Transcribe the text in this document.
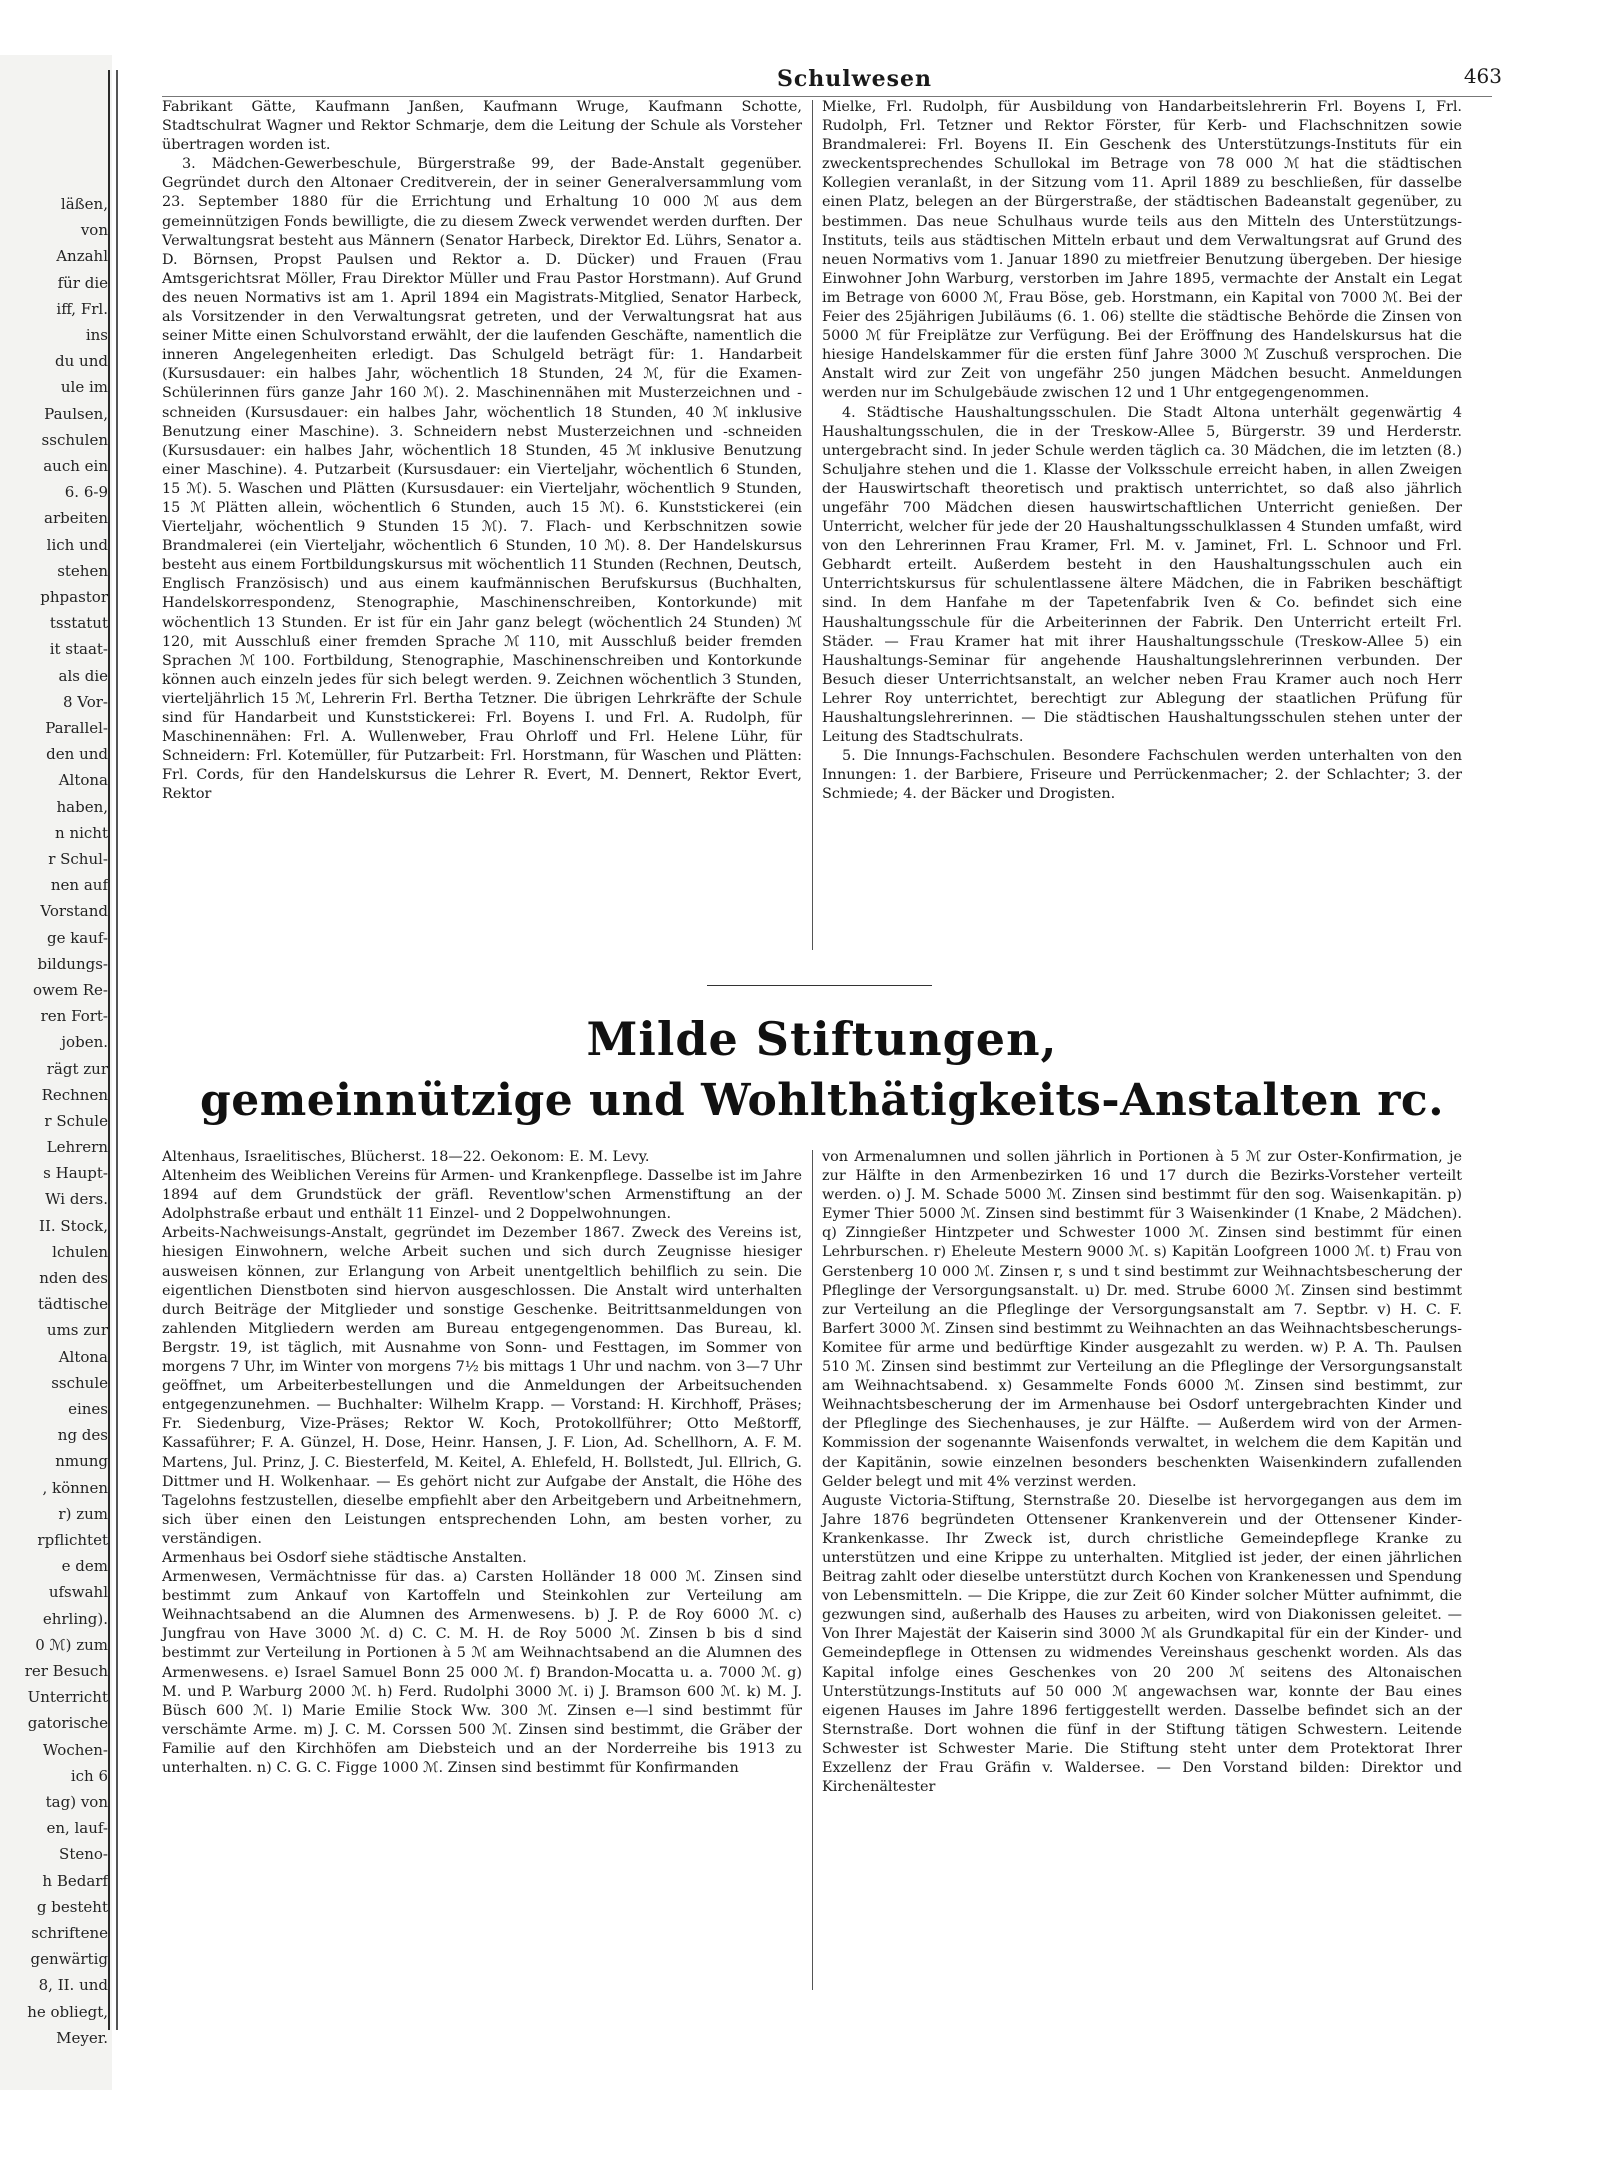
läßen,
von
Anzahl
für die
iff, Frl.
ins
du und
ule im
Paulsen,
sschulen
auch ein
6. 6-9
arbeiten
lich und
stehen
phpastor
tsstatut
it staat-
als die
8 Vor-
Parallel-
den und
Altona
haben,
n nicht
r Schul-
nen auf
Vorstand
ge kauf-
bildungs-
owem Re-
ren Fort-
joben.
rägt zur
Rechnen
r Schule
Lehrern
s Haupt-
Wi ders.
II. Stock,
lchulen
nden des
tädtische
ums zur
Altona
sschule
eines
ng des
nmung
, können
r) zum
rpflichtet
e dem
ufswahl
ehrling).
0 ℳ) zum
rer Besuch
Unterricht
gatorische
Wochen-
ich 6
tag) von
en, lauf-
Steno-
h Bedarf
g besteht
schriftene
genwärtig
8, II. und
he obliegt,
Meyer.
Schulwesen	463

Fabrikant Gätte, Kaufmann Janßen, Kaufmann Wruge, Kaufmann Schotte, Stadtschulrat Wagner und Rektor Schmarje, dem die Leitung der Schule als Vorsteher übertragen worden ist.

3. Mädchen-Gewerbeschule, Bürgerstraße 99, der Bade-Anstalt gegenüber. Gegründet durch den Altonaer Creditverein, der in seiner Generalversammlung vom 23. September 1880 für die Errichtung und Erhaltung 10 000 ℳ aus dem gemeinnützigen Fonds bewilligte, die zu diesem Zweck verwendet werden durften. Der Verwaltungsrat besteht aus Männern (Senator Harbeck, Direktor Ed. Lührs, Senator a. D. Börnsen, Propst Paulsen und Rektor a. D. Dücker) und Frauen (Frau Amtsgerichtsrat Möller, Frau Direktor Müller und Frau Pastor Horstmann). Auf Grund des neuen Normativs ist am 1. April 1894 ein Magistrats-Mitglied, Senator Harbeck, als Vorsitzender in den Verwaltungsrat getreten, und der Verwaltungsrat hat aus seiner Mitte einen Schulvorstand erwählt, der die laufenden Geschäfte, namentlich die inneren Angelegenheiten erledigt. Das Schulgeld beträgt für: 1. Handarbeit (Kursusdauer: ein halbes Jahr, wöchentlich 18 Stunden, 24 ℳ, für die Examen-Schülerinnen fürs ganze Jahr 160 ℳ). 2. Maschinennähen mit Musterzeichnen und -schneiden (Kursusdauer: ein halbes Jahr, wöchentlich 18 Stunden, 40 ℳ inklusive Benutzung einer Maschine). 3. Schneidern nebst Musterzeichnen und -schneiden (Kursusdauer: ein halbes Jahr, wöchentlich 18 Stunden, 45 ℳ inklusive Benutzung einer Maschine). 4. Putzarbeit (Kursusdauer: ein Vierteljahr, wöchentlich 6 Stunden, 15 ℳ). 5. Waschen und Plätten (Kursusdauer: ein Vierteljahr, wöchentlich 9 Stunden, 15 ℳ Plätten allein, wöchentlich 6 Stunden, auch 15 ℳ). 6. Kunststickerei (ein Vierteljahr, wöchentlich 9 Stunden 15 ℳ). 7. Flach- und Kerbschnitzen sowie Brandmalerei (ein Vierteljahr, wöchentlich 6 Stunden, 10 ℳ). 8. Der Handelskursus besteht aus einem Fortbildungskursus mit wöchentlich 11 Stunden (Rechnen, Deutsch, Englisch Französisch) und aus einem kaufmännischen Berufskursus (Buchhalten, Handelskorrespondenz, Stenographie, Maschinenschreiben, Kontorkunde) mit wöchentlich 13 Stunden. Er ist für ein Jahr ganz belegt (wöchentlich 24 Stunden) ℳ 120, mit Ausschluß einer fremden Sprache ℳ 110, mit Ausschluß beider fremden Sprachen ℳ 100. Fortbildung, Stenographie, Maschinenschreiben und Kontorkunde können auch einzeln jedes für sich belegt werden. 9. Zeichnen wöchentlich 3 Stunden, vierteljährlich 15 ℳ, Lehrerin Frl. Bertha Tetzner. Die übrigen Lehrkräfte der Schule sind für Handarbeit und Kunststickerei: Frl. Boyens I. und Frl. A. Rudolph, für Maschinennähen: Frl. A. Wullenweber, Frau Ohrloff und Frl. Helene Lühr, für Schneidern: Frl. Kotemüller, für Putzarbeit: Frl. Horstmann, für Waschen und Plätten: Frl. Cords, für den Handelskursus die Lehrer R. Evert, M. Dennert, Rektor Evert, Rektor

Mielke, Frl. Rudolph, für Ausbildung von Handarbeitslehrerin Frl. Boyens I, Frl. Rudolph, Frl. Tetzner und Rektor Förster, für Kerb- und Flachschnitzen sowie Brandmalerei: Frl. Boyens II. Ein Geschenk des Unterstützungs-Instituts für ein zweckentsprechendes Schullokal im Betrage von 78 000 ℳ hat die städtischen Kollegien veranlaßt, in der Sitzung vom 11. April 1889 zu beschließen, für dasselbe einen Platz, belegen an der Bürgerstraße, der städtischen Badeanstalt gegenüber, zu bestimmen. Das neue Schulhaus wurde teils aus den Mitteln des Unterstützungs-Instituts, teils aus städtischen Mitteln erbaut und dem Verwaltungsrat auf Grund des neuen Normativs vom 1. Januar 1890 zu mietfreier Benutzung übergeben. Der hiesige Einwohner John Warburg, verstorben im Jahre 1895, vermachte der Anstalt ein Legat im Betrage von 6000 ℳ, Frau Böse, geb. Horstmann, ein Kapital von 7000 ℳ. Bei der Feier des 25jährigen Jubiläums (6. 1. 06) stellte die städtische Behörde die Zinsen von 5000 ℳ für Freiplätze zur Verfügung. Bei der Eröffnung des Handelskursus hat die hiesige Handelskammer für die ersten fünf Jahre 3000 ℳ Zuschuß versprochen. Die Anstalt wird zur Zeit von ungefähr 250 jungen Mädchen besucht. Anmeldungen werden nur im Schulgebäude zwischen 12 und 1 Uhr entgegengenommen.

4. Städtische Haushaltungsschulen. Die Stadt Altona unterhält gegenwärtig 4 Haushaltungsschulen, die in der Treskow-Allee 5, Bürgerstr. 39 und Herderstr. untergebracht sind. In jeder Schule werden täglich ca. 30 Mädchen, die im letzten (8.) Schuljahre stehen und die 1. Klasse der Volksschule erreicht haben, in allen Zweigen der Hauswirtschaft theoretisch und praktisch unterrichtet, so daß also jährlich ungefähr 700 Mädchen diesen hauswirtschaftlichen Unterricht genießen. Der Unterricht, welcher für jede der 20 Haushaltungsschulklassen 4 Stunden umfaßt, wird von den Lehrerinnen Frau Kramer, Frl. M. v. Jaminet, Frl. L. Schnoor und Frl. Gebhardt erteilt. Außerdem besteht in den Haushaltungsschulen auch ein Unterrichtskursus für schulentlassene ältere Mädchen, die in Fabriken beschäftigt sind. In dem Hanfahe m der Tapetenfabrik Iven & Co. befindet sich eine Haushaltungsschule für die Arbeiterinnen der Fabrik. Den Unterricht erteilt Frl. Städer. — Frau Kramer hat mit ihrer Haushaltungsschule (Treskow-Allee 5) ein Haushaltungs-Seminar für angehende Haushaltungslehrerinnen verbunden. Der Besuch dieser Unterrichtsanstalt, an welcher neben Frau Kramer auch noch Herr Lehrer Roy unterrichtet, berechtigt zur Ablegung der staatlichen Prüfung für Haushaltungslehrerinnen. — Die städtischen Haushaltungsschulen stehen unter der Leitung des Stadtschulrats.

5. Die Innungs-Fachschulen. Besondere Fachschulen werden unterhalten von den Innungen: 1. der Barbiere, Friseure und Perrückenmacher; 2. der Schlachter; 3. der Schmiede; 4. der Bäcker und Drogisten.

Milde Stiftungen,
gemeinnützige und Wohlthätigkeits-Anstalten rc.

Altenhaus, Israelitisches, Blücherst. 18—22. Oekonom: E. M. Levy.

Altenheim des Weiblichen Vereins für Armen- und Krankenpflege. Dasselbe ist im Jahre 1894 auf dem Grundstück der gräfl. Reventlow'schen Armenstiftung an der Adolphstraße erbaut und enthält 11 Einzel- und 2 Doppelwohnungen.

Arbeits-Nachweisungs-Anstalt, gegründet im Dezember 1867. Zweck des Vereins ist, hiesigen Einwohnern, welche Arbeit suchen und sich durch Zeugnisse hiesiger ausweisen können, zur Erlangung von Arbeit unentgeltlich behilflich zu sein. Die eigentlichen Dienstboten sind hiervon ausgeschlossen. Die Anstalt wird unterhalten durch Beiträge der Mitglieder und sonstige Geschenke. Beitrittsanmeldungen von zahlenden Mitgliedern werden am Bureau entgegengenommen. Das Bureau, kl. Bergstr. 19, ist täglich, mit Ausnahme von Sonn- und Festtagen, im Sommer von morgens 7 Uhr, im Winter von morgens 7½ bis mittags 1 Uhr und nachm. von 3—7 Uhr geöffnet, um Arbeiterbestellungen und die Anmeldungen der Arbeitsuchenden entgegenzunehmen. — Buchhalter: Wilhelm Krapp. — Vorstand: H. Kirchhoff, Präses; Fr. Siedenburg, Vize-Präses; Rektor W. Koch, Protokollführer; Otto Meßtorff, Kassaführer; F. A. Günzel, H. Dose, Heinr. Hansen, J. F. Lion, Ad. Schellhorn, A. F. M. Martens, Jul. Prinz, J. C. Biesterfeld, M. Keitel, A. Ehlefeld, H. Bollstedt, Jul. Ellrich, G. Dittmer und H. Wolkenhaar. — Es gehört nicht zur Aufgabe der Anstalt, die Höhe des Tagelohns festzustellen, dieselbe empfiehlt aber den Arbeitgebern und Arbeitnehmern, sich über einen den Leistungen entsprechenden Lohn, am besten vorher, zu verständigen.

Armenhaus bei Osdorf siehe städtische Anstalten.

Armenwesen, Vermächtnisse für das. a) Carsten Holländer 18 000 ℳ. Zinsen sind bestimmt zum Ankauf von Kartoffeln und Steinkohlen zur Verteilung am Weihnachtsabend an die Alumnen des Armenwesens. b) J. P. de Roy 6000 ℳ. c) Jungfrau von Have 3000 ℳ. d) C. C. M. H. de Roy 5000 ℳ. Zinsen b bis d sind bestimmt zur Verteilung in Portionen à 5 ℳ am Weihnachtsabend an die Alumnen des Armenwesens. e) Israel Samuel Bonn 25 000 ℳ. f) Brandon-Mocatta u. a. 7000 ℳ. g) M. und P. Warburg 2000 ℳ. h) Ferd. Rudolphi 3000 ℳ. i) J. Bramson 600 ℳ. k) M. J. Büsch 600 ℳ. l) Marie Emilie Stock Ww. 300 ℳ. Zinsen e—l sind bestimmt für verschämte Arme. m) J. C. M. Corssen 500 ℳ. Zinsen sind bestimmt, die Gräber der Familie auf den Kirchhöfen am Diebsteich und an der Norderreihe bis 1913 zu unterhalten. n) C. G. C. Figge 1000 ℳ. Zinsen sind bestimmt für Konfirmanden

von Armenalumnen und sollen jährlich in Portionen à 5 ℳ zur Oster-Konfirmation, je zur Hälfte in den Armenbezirken 16 und 17 durch die Bezirks-Vorsteher verteilt werden. o) J. M. Schade 5000 ℳ. Zinsen sind bestimmt für den sog. Waisenkapitän. p) Eymer Thier 5000 ℳ. Zinsen sind bestimmt für 3 Waisenkinder (1 Knabe, 2 Mädchen). q) Zinngießer Hintzpeter und Schwester 1000 ℳ. Zinsen sind bestimmt für einen Lehrburschen. r) Eheleute Mestern 9000 ℳ. s) Kapitän Loofgreen 1000 ℳ. t) Frau von Gerstenberg 10 000 ℳ. Zinsen r, s und t sind bestimmt zur Weihnachtsbescherung der Pfleglinge der Versorgungsanstalt. u) Dr. med. Strube 6000 ℳ. Zinsen sind bestimmt zur Verteilung an die Pfleglinge der Versorgungsanstalt am 7. Septbr. v) H. C. F. Barfert 3000 ℳ. Zinsen sind bestimmt zu Weihnachten an das Weihnachtsbescherungs-Komitee für arme und bedürftige Kinder ausgezahlt zu werden. w) P. A. Th. Paulsen 510 ℳ. Zinsen sind bestimmt zur Verteilung an die Pfleglinge der Versorgungsanstalt am Weihnachtsabend. x) Gesammelte Fonds 6000 ℳ. Zinsen sind bestimmt, zur Weihnachtsbescherung der im Armenhause bei Osdorf untergebrachten Kinder und der Pfleglinge des Siechenhauses, je zur Hälfte. — Außerdem wird von der Armen-Kommission der sogenannte Waisenfonds verwaltet, in welchem die dem Kapitän und der Kapitänin, sowie einzelnen besonders beschenkten Waisenkindern zufallenden Gelder belegt und mit 4% verzinst werden.

Auguste Victoria-Stiftung, Sternstraße 20. Dieselbe ist hervorgegangen aus dem im Jahre 1876 begründeten Ottensener Krankenverein und der Ottensener Kinder-Krankenkasse. Ihr Zweck ist, durch christliche Gemeindepflege Kranke zu unterstützen und eine Krippe zu unterhalten. Mitglied ist jeder, der einen jährlichen Beitrag zahlt oder dieselbe unterstützt durch Kochen von Krankenessen und Spendung von Lebensmitteln. — Die Krippe, die zur Zeit 60 Kinder solcher Mütter aufnimmt, die gezwungen sind, außerhalb des Hauses zu arbeiten, wird von Diakonissen geleitet. — Von Ihrer Majestät der Kaiserin sind 3000 ℳ als Grundkapital für ein der Kinder- und Gemeindepflege in Ottensen zu widmendes Vereinshaus geschenkt worden. Als das Kapital infolge eines Geschenkes von 20 200 ℳ seitens des Altonaischen Unterstützungs-Instituts auf 50 000 ℳ angewachsen war, konnte der Bau eines eigenen Hauses im Jahre 1896 fertiggestellt werden. Dasselbe befindet sich an der Sternstraße. Dort wohnen die fünf in der Stiftung tätigen Schwestern. Leitende Schwester ist Schwester Marie. Die Stiftung steht unter dem Protektorat Ihrer Exzellenz der Frau Gräfin v. Waldersee. — Den Vorstand bilden: Direktor und Kirchenältester
